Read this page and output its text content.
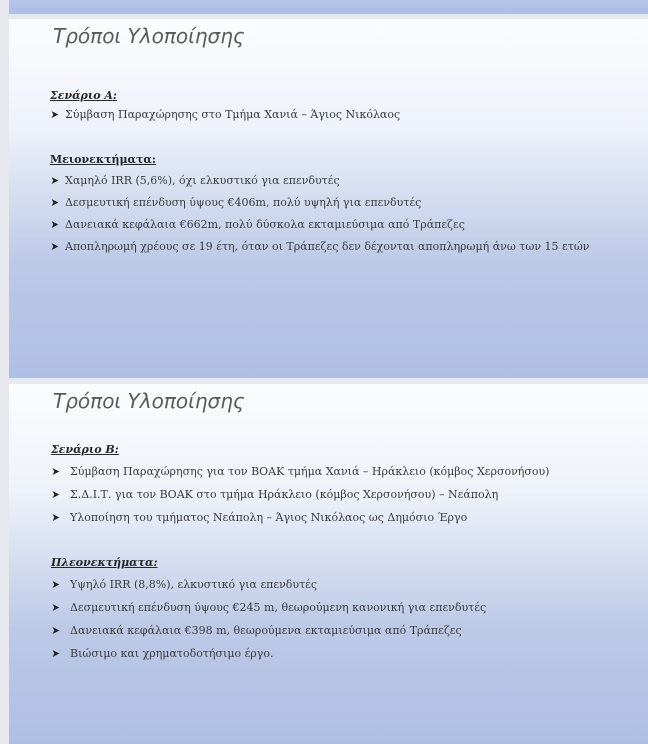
Τρόποι Υλοποίησης
Σενάριο Α:
➤ Σύμβαση Παραχώρησης στο Τμήμα Χανιά – Άγιος Νικόλαος
Μειονεκτήματα:
➤ Χαμηλό IRR (5,6%), όχι ελκυστικό για επενδυτές
➤ Δεσμευτική επένδυση ύψους €406m, πολύ υψηλή για επενδυτές
➤ Δανειακά κεφάλαια €662m, πολύ δύσκολα εκταμιεύσιμα από Τράπεζες
➤ Αποπληρωμή χρέους σε 19 έτη, όταν οι Τράπεζες δεν δέχονται αποπληρωμή άνω των 15 ετών
Τρόποι Υλοποίησης
Σενάριο Β:
➤ Σύμβαση Παραχώρησης για τον ΒΟΑΚ τμήμα Χανιά – Ηράκλειο (κόμβος Χερσονήσου)
➤ Σ.Δ.Ι.Τ. για τον ΒΟΑΚ στο τμήμα Ηράκλειο (κόμβος Χερσονήσου) – Νεάπολη
➤ Υλοποίηση του τμήματος Νεάπολη – Άγιος Νικόλαος ως Δημόσιο Έργο
Πλεονεκτήματα:
➤ Υψηλό IRR (8,8%), ελκυστικό για επενδυτές
➤ Δεσμευτική επένδυση ύψους €245 m, θεωρούμενη κανονική για επενδυτές
➤ Δανειακά κεφάλαια €398 m, θεωρούμενα εκταμιεύσιμα από Τράπεζες
➤ Βιώσιμο και χρηματοδοτήσιμο έργο.
